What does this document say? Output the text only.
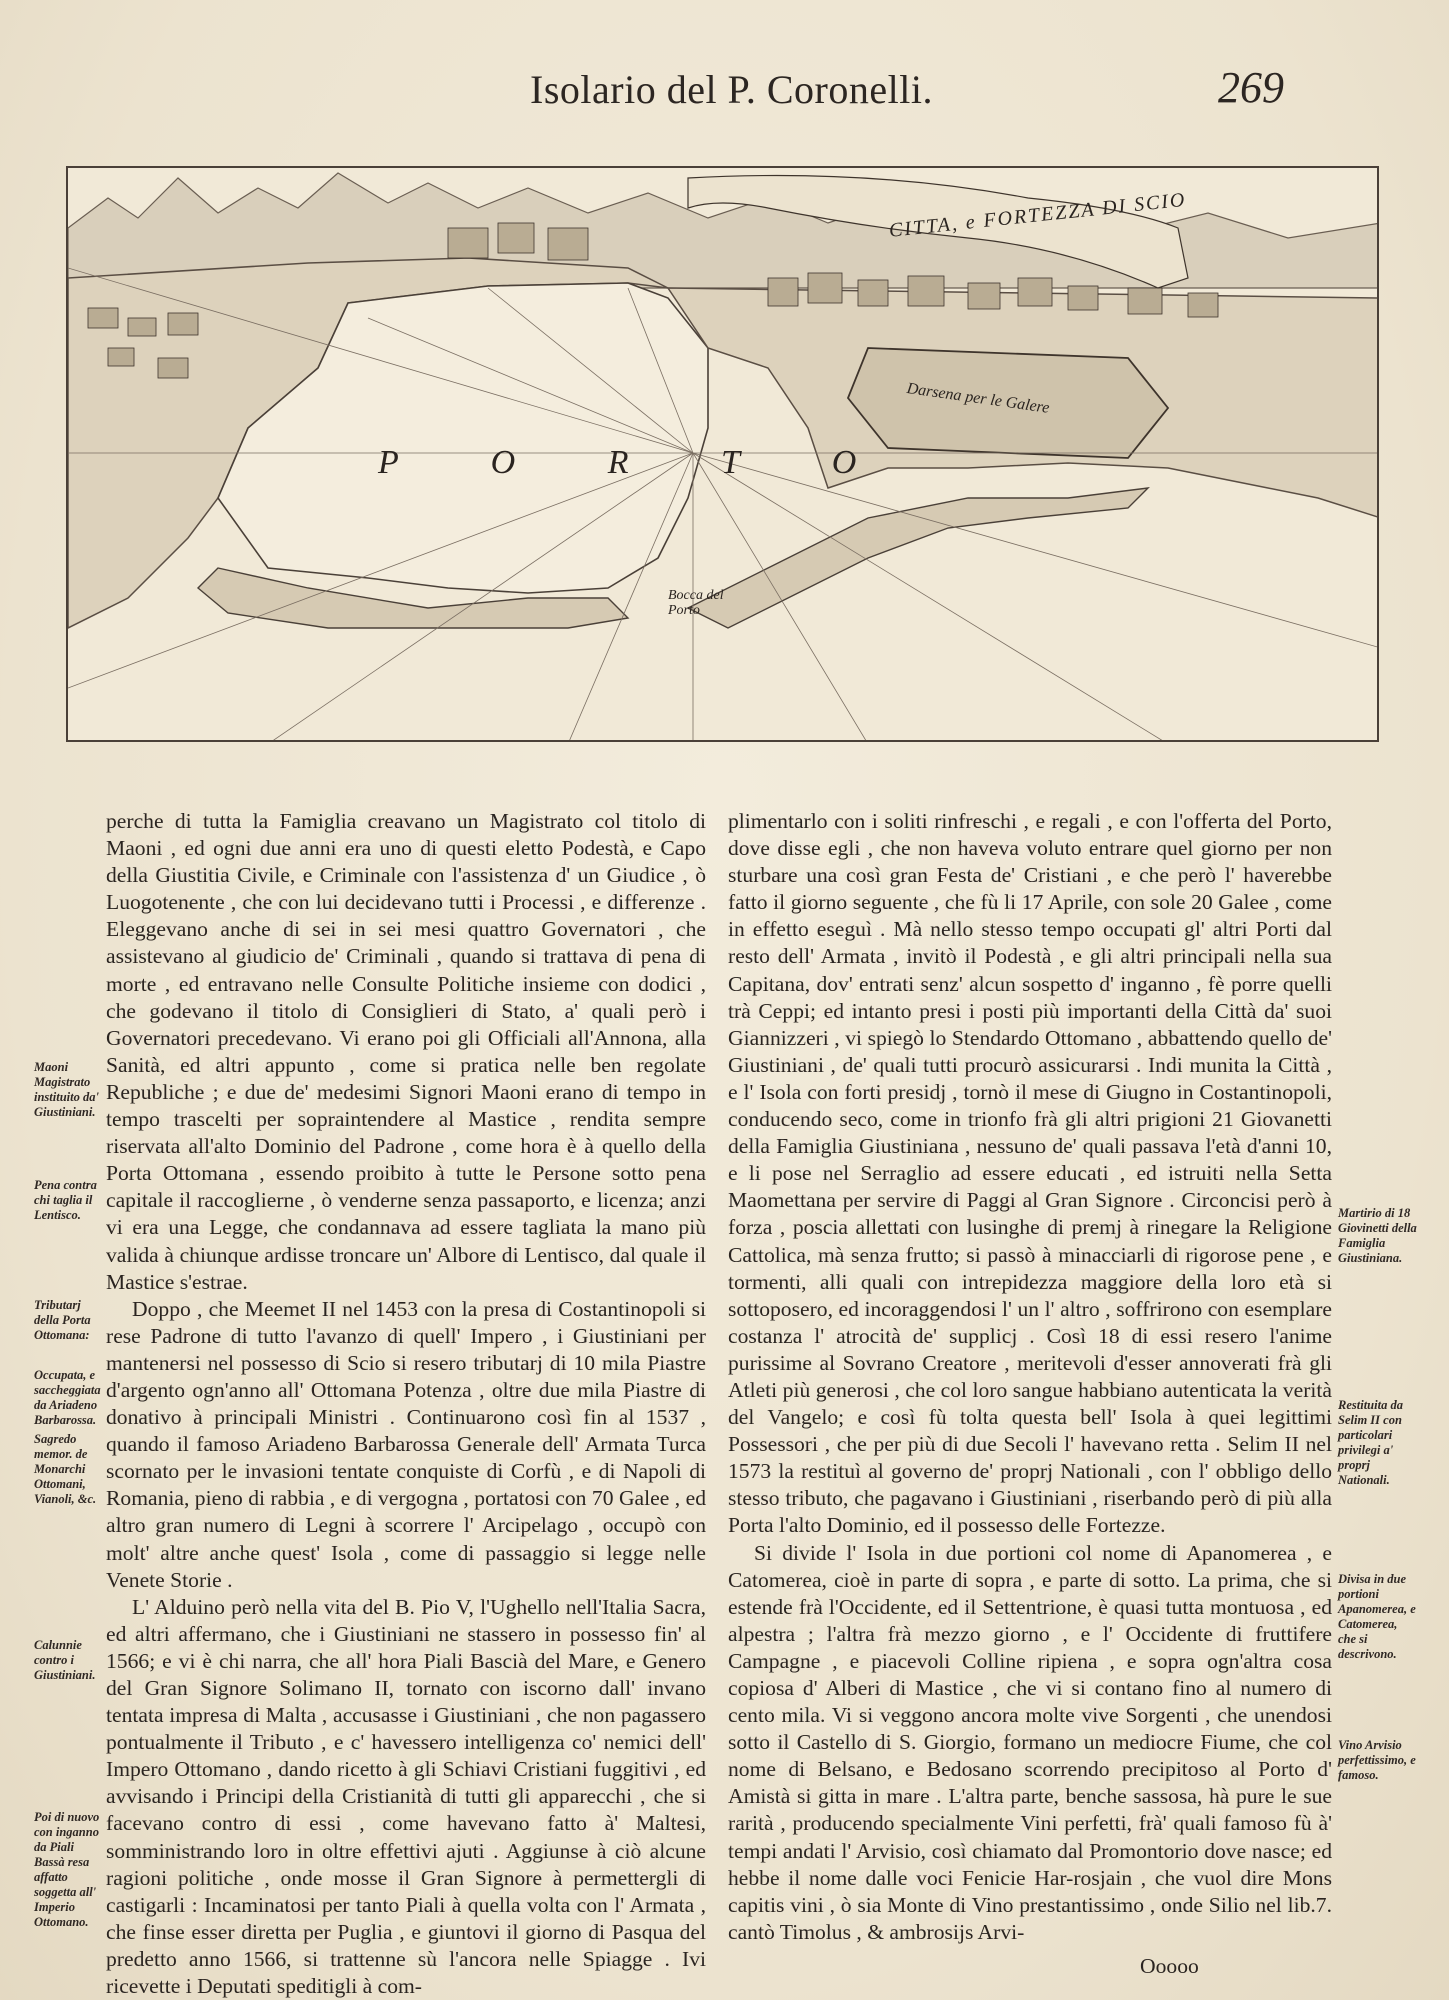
Isolario del P. Coronelli.	269
CITTA, e FORTEZZA DI SCIO
P O R T O
Darsena per le Galere
Bocca del Porto

perche di tutta la Famiglia creavano un Magistrato col titolo di Maoni , ed ogni due anni era uno di questi eletto Podestà, e Capo della Giustitia Civile, e Criminale con l'assistenza d' un Giudice , ò Luogotenente , che con lui decidevano tutti i Processi , e differenze . Eleggevano anche di sei in sei mesi quattro Governatori , che assistevano al giudicio de' Criminali , quando si trattava di pena di morte , ed entravano nelle Consulte Politiche insieme con dodici , che godevano il titolo di Consiglieri di Stato, a' quali però i Governatori precedevano. Vi erano poi gli Officiali all'Annona, alla Sanità, ed altri appunto , come si pratica nelle ben regolate Republiche ; e due de' medesimi Signori Maoni erano di tempo in tempo trascelti per sopraintendere al Mastice , rendita sempre riservata all'alto Dominio del Padrone , come hora è à quello della Porta Ottomana , essendo proibito à tutte le Persone sotto pena capitale il raccoglierne , ò venderne senza passaporto, e licenza; anzi vi era una Legge, che condannava ad essere tagliata la mano più valida à chiunque ardisse troncare un' Albore di Lentisco, dal quale il Mastice s'estrae.

Doppo , che Meemet II nel 1453 con la presa di Costantinopoli si rese Padrone di tutto l'avanzo di quell' Impero , i Giustiniani per mantenersi nel possesso di Scio si resero tributarj di 10 mila Piastre d'argento ogn'anno all' Ottomana Potenza , oltre due mila Piastre di donativo à principali Ministri . Continuarono così fin al 1537 , quando il famoso Ariadeno Barbarossa Generale dell' Armata Turca scornato per le invasioni tentate conquiste di Corfù , e di Napoli di Romania, pieno di rabbia , e di vergogna , portatosi con 70 Galee , ed altro gran numero di Legni à scorrere l' Arcipelago , occupò con molt' altre anche quest' Isola , come di passaggio si legge nelle Venete Storie .

L' Alduino però nella vita del B. Pio V, l'Ughello nell'Italia Sacra, ed altri affermano, che i Giustiniani ne stassero in possesso fin' al 1566; e vi è chi narra, che all' hora Piali Bascià del Mare, e Genero del Gran Signore Solimano II, tornato con iscorno dall' invano tentata impresa di Malta , accusasse i Giustiniani , che non pagassero pontualmente il Tributo , e c' havessero intelligenza co' nemici dell' Impero Ottomano , dando ricetto à gli Schiavi Cristiani fuggitivi , ed avvisando i Principi della Cristianità di tutti gli apparecchi , che si facevano contro di essi , come havevano fatto à' Maltesi, somministrando loro in oltre effettivi ajuti . Aggiunse à ciò alcune ragioni politiche , onde mosse il Gran Signore à permettergli di castigarli : Incaminatosi per tanto Piali à quella volta con l' Armata , che finse esser diretta per Puglia , e giuntovi il giorno di Pasqua del predetto anno 1566, si trattenne sù l'ancora nelle Spiagge . Ivi ricevette i Deputati speditigli à com-

plimentarlo con i soliti rinfreschi , e regali , e con l'offerta del Porto, dove disse egli , che non haveva voluto entrare quel giorno per non sturbare una così gran Festa de' Cristiani , e che però l' haverebbe fatto il giorno seguente , che fù li 17 Aprile, con sole 20 Galee , come in effetto eseguì . Mà nello stesso tempo occupati gl' altri Porti dal resto dell' Armata , invitò il Podestà , e gli altri principali nella sua Capitana, dov' entrati senz' alcun sospetto d' inganno , fè porre quelli trà Ceppi; ed intanto presi i posti più importanti della Città da' suoi Giannizzeri , vi spiegò lo Stendardo Ottomano , abbattendo quello de' Giustiniani , de' quali tutti procurò assicurarsi . Indi munita la Città , e l' Isola con forti presidj , tornò il mese di Giugno in Costantinopoli, conducendo seco, come in trionfo frà gli altri prigioni 21 Giovanetti della Famiglia Giustiniana , nessuno de' quali passava l'età d'anni 10, e li pose nel Serraglio ad essere educati , ed istruiti nella Setta Maomettana per servire di Paggi al Gran Signore . Circoncisi però à forza , poscia allettati con lusinghe di premj à rinegare la Religione Cattolica, mà senza frutto; si passò à minacciarli di rigorose pene , e tormenti, alli quali con intrepidezza maggiore della loro età si sottoposero, ed incoraggendosi l' un l' altro , soffrirono con esemplare costanza l' atrocità de' supplicj . Così 18 di essi resero l'anime purissime al Sovrano Creatore , meritevoli d'esser annoverati frà gli Atleti più generosi , che col loro sangue habbiano autenticata la verità del Vangelo; e così fù tolta questa bell' Isola à quei legittimi Possessori , che per più di due Secoli l' havevano retta . Selim II nel 1573 la restituì al governo de' proprj Nationali , con l' obbligo dello stesso tributo, che pagavano i Giustiniani , riserbando però di più alla Porta l'alto Dominio, ed il possesso delle Fortezze.

Si divide l' Isola in due portioni col nome di Apanomerea , e Catomerea, cioè in parte di sopra , e parte di sotto. La prima, che si estende frà l'Occidente, ed il Settentrione, è quasi tutta montuosa , ed alpestra ; l'altra frà mezzo giorno , e l' Occidente di fruttifere Campagne , e piacevoli Colline ripiena , e sopra ogn'altra cosa copiosa d' Alberi di Mastice , che vi si contano fino al numero di cento mila. Vi si veggono ancora molte vive Sorgenti , che unendosi sotto il Castello di S. Giorgio, formano un mediocre Fiume, che col nome di Belsano, e Bedosano scorrendo precipitoso al Porto d' Amistà si gitta in mare . L'altra parte, benche sassosa, hà pure le sue rarità , producendo specialmente Vini perfetti, frà' quali famoso fù à' tempi andati l' Arvisio, così chiamato dal Promontorio dove nasce; ed hebbe il nome dalle voci Fenicie Har-rosjain , che vuol dire Mons capitis vini , ò sia Monte di Vino prestantissimo , onde Silio nel lib.7. cantò Timolus , & ambrosijs Arvi-

Maoni Magistrato instituito da' Giustiniani.
Pena contra chi taglia il Lentisco.
Tributarj della Porta Ottomana:
Occupata, e saccheggiata da Ariadeno Barbarossa.
Sagredo memor. de Monarchi Ottomani, Vianoli, &c.
Calunnie contro i Giustiniani.
Poi di nuovo con inganno da Piali Bassà resa affatto soggetta all' Imperio Ottomano.
Martirio di 18 Giovinetti della Famiglia Giustiniana.
Restituita da Selim II con particolari privilegi a' proprj Nationali.
Divisa in due portioni Apanomerea, e Catomerea, che si descrivono.
Vino Arvisio perfettissimo, e famoso.
Ooooo
